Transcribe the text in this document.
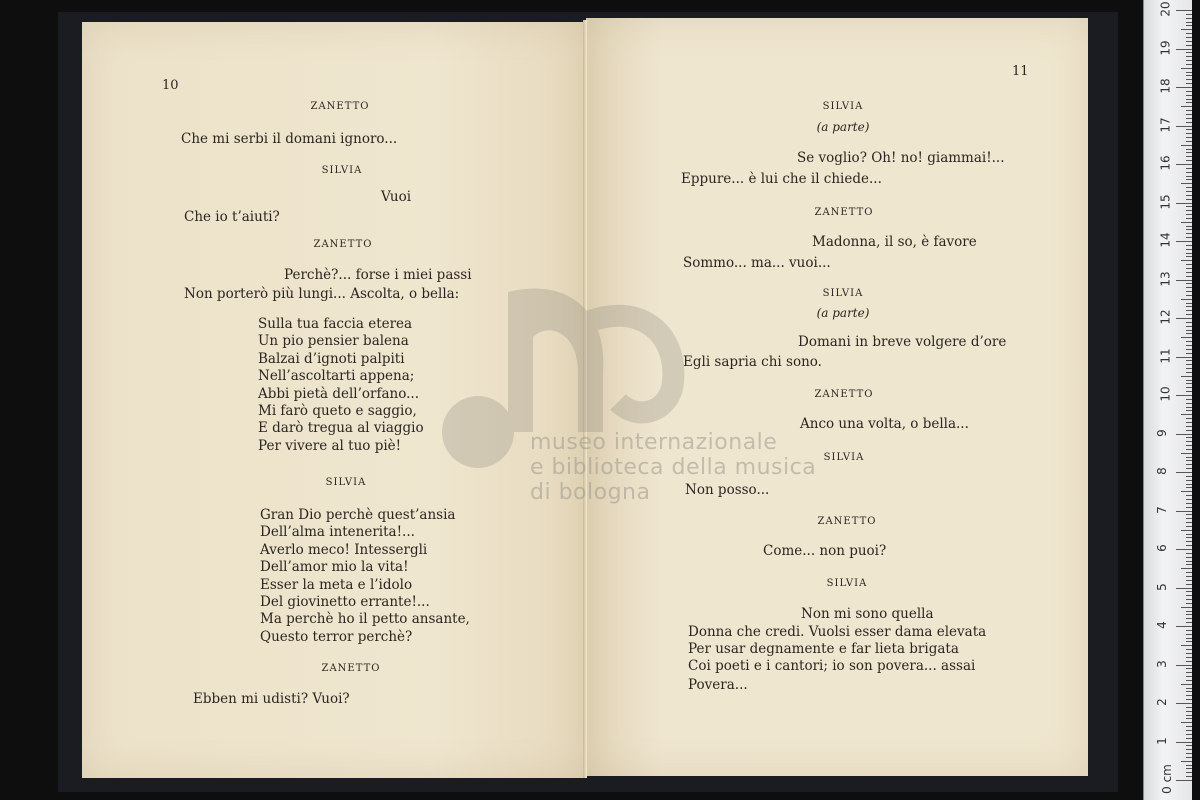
10
ZANETTO
Che mi serbi il domani ignoro...
SILVIA
Vuoi
Che io t’aiuti?
ZANETTO
Perchè?... forse i miei passi
Non porterò più lungi... Ascolta, o bella:
Sulla tua faccia eterea
Un pio pensier balena
Balzai d’ignoti palpiti
Nell’ascoltarti appena;
Abbi pietà dell’orfano...
Mi farò queto e saggio,
E darò tregua al viaggio
Per vivere al tuo piè!
SILVIA
Gran Dio perchè quest’ansia
Dell’alma intenerita!...
Averlo meco! Intessergli
Dell’amor mio la vita!
Esser la meta e l’idolo
Del giovinetto errante!...
Ma perchè ho il petto ansante,
Questo terror perchè?
ZANETTO
Ebben mi udisti? Vuoi?
11
SILVIA
(a parte)
Se voglio? Oh! no! giammai!...
Eppure... è lui che il chiede...
ZANETTO
Madonna, il so, è favore
Sommo... ma... vuoi...
SILVIA
(a parte)
Domani in breve volgere d’ore
Egli sapria chi sono.
ZANETTO
Anco una volta, o bella...
SILVIA
Non posso...
ZANETTO
Come... non puoi?
SILVIA
Non mi sono quella
Donna che credi. Vuolsi esser dama elevata
Per usar degnamente e far lieta brigata
Coi poeti e i cantori; io son povera... assai
Povera...
museo internazionale
e biblioteca della musica
di bologna
0 cm
1
2
3
4
5
6
7
8
9
10
11
12
13
14
15
16
17
18
19
20
